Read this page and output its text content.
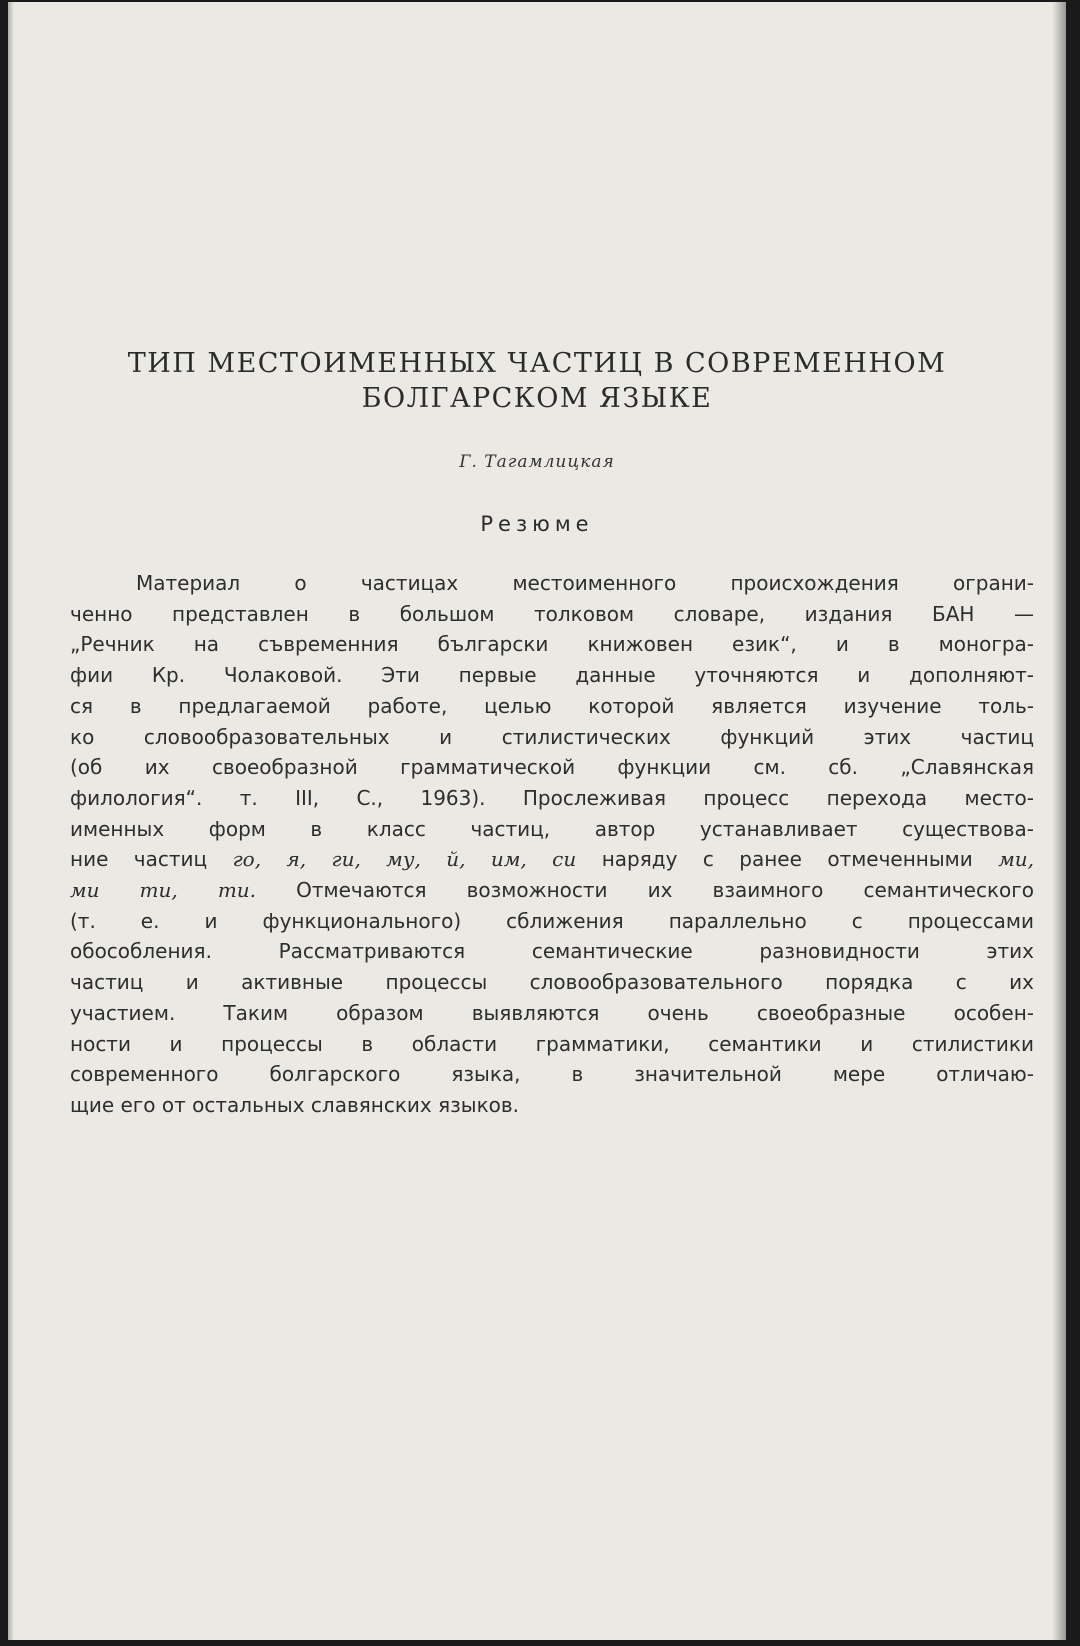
ТИП МЕСТОИМЕННЫХ ЧАСТИЦ В СОВРЕМЕННОМ
БОЛГАРСКОМ ЯЗЫКЕ
Г. Тагамлицкая
Резюме
Материал о частицах местоименного происхождения ограни-
ченно представлен в большом толковом словаре, издания БАН —
„Речник на съвременния български книжовен език“, и в моногра-
фии Кр. Чолаковой. Эти первые данные уточняются и дополняют-
ся в предлагаемой работе, целью которой является изучение толь-
ко словообразовательных и стилистических функций этих частиц
(об их своеобразной грамматической функции см. сб. „Славянская
филология“. т. III, С., 1963). Прослеживая процесс перехода место-
именных форм в класс частиц, автор устанавливает существова-
ние частиц го, я, ги, му, й, им, си наряду с ранее отмеченными ми,
ми ти, ти. Отмечаются возможности их взаимного семантического
(т. е. и функционального) сближения параллельно с процессами
обособления. Рассматриваются семантические разновидности этих
частиц и активные процессы словообразовательного порядка с их
участием. Таким образом выявляются очень своеобразные особен-
ности и процессы в области грамматики, семантики и стилистики
современного болгарского языка, в значительной мере отличаю-
щие его от остальных славянских языков.
